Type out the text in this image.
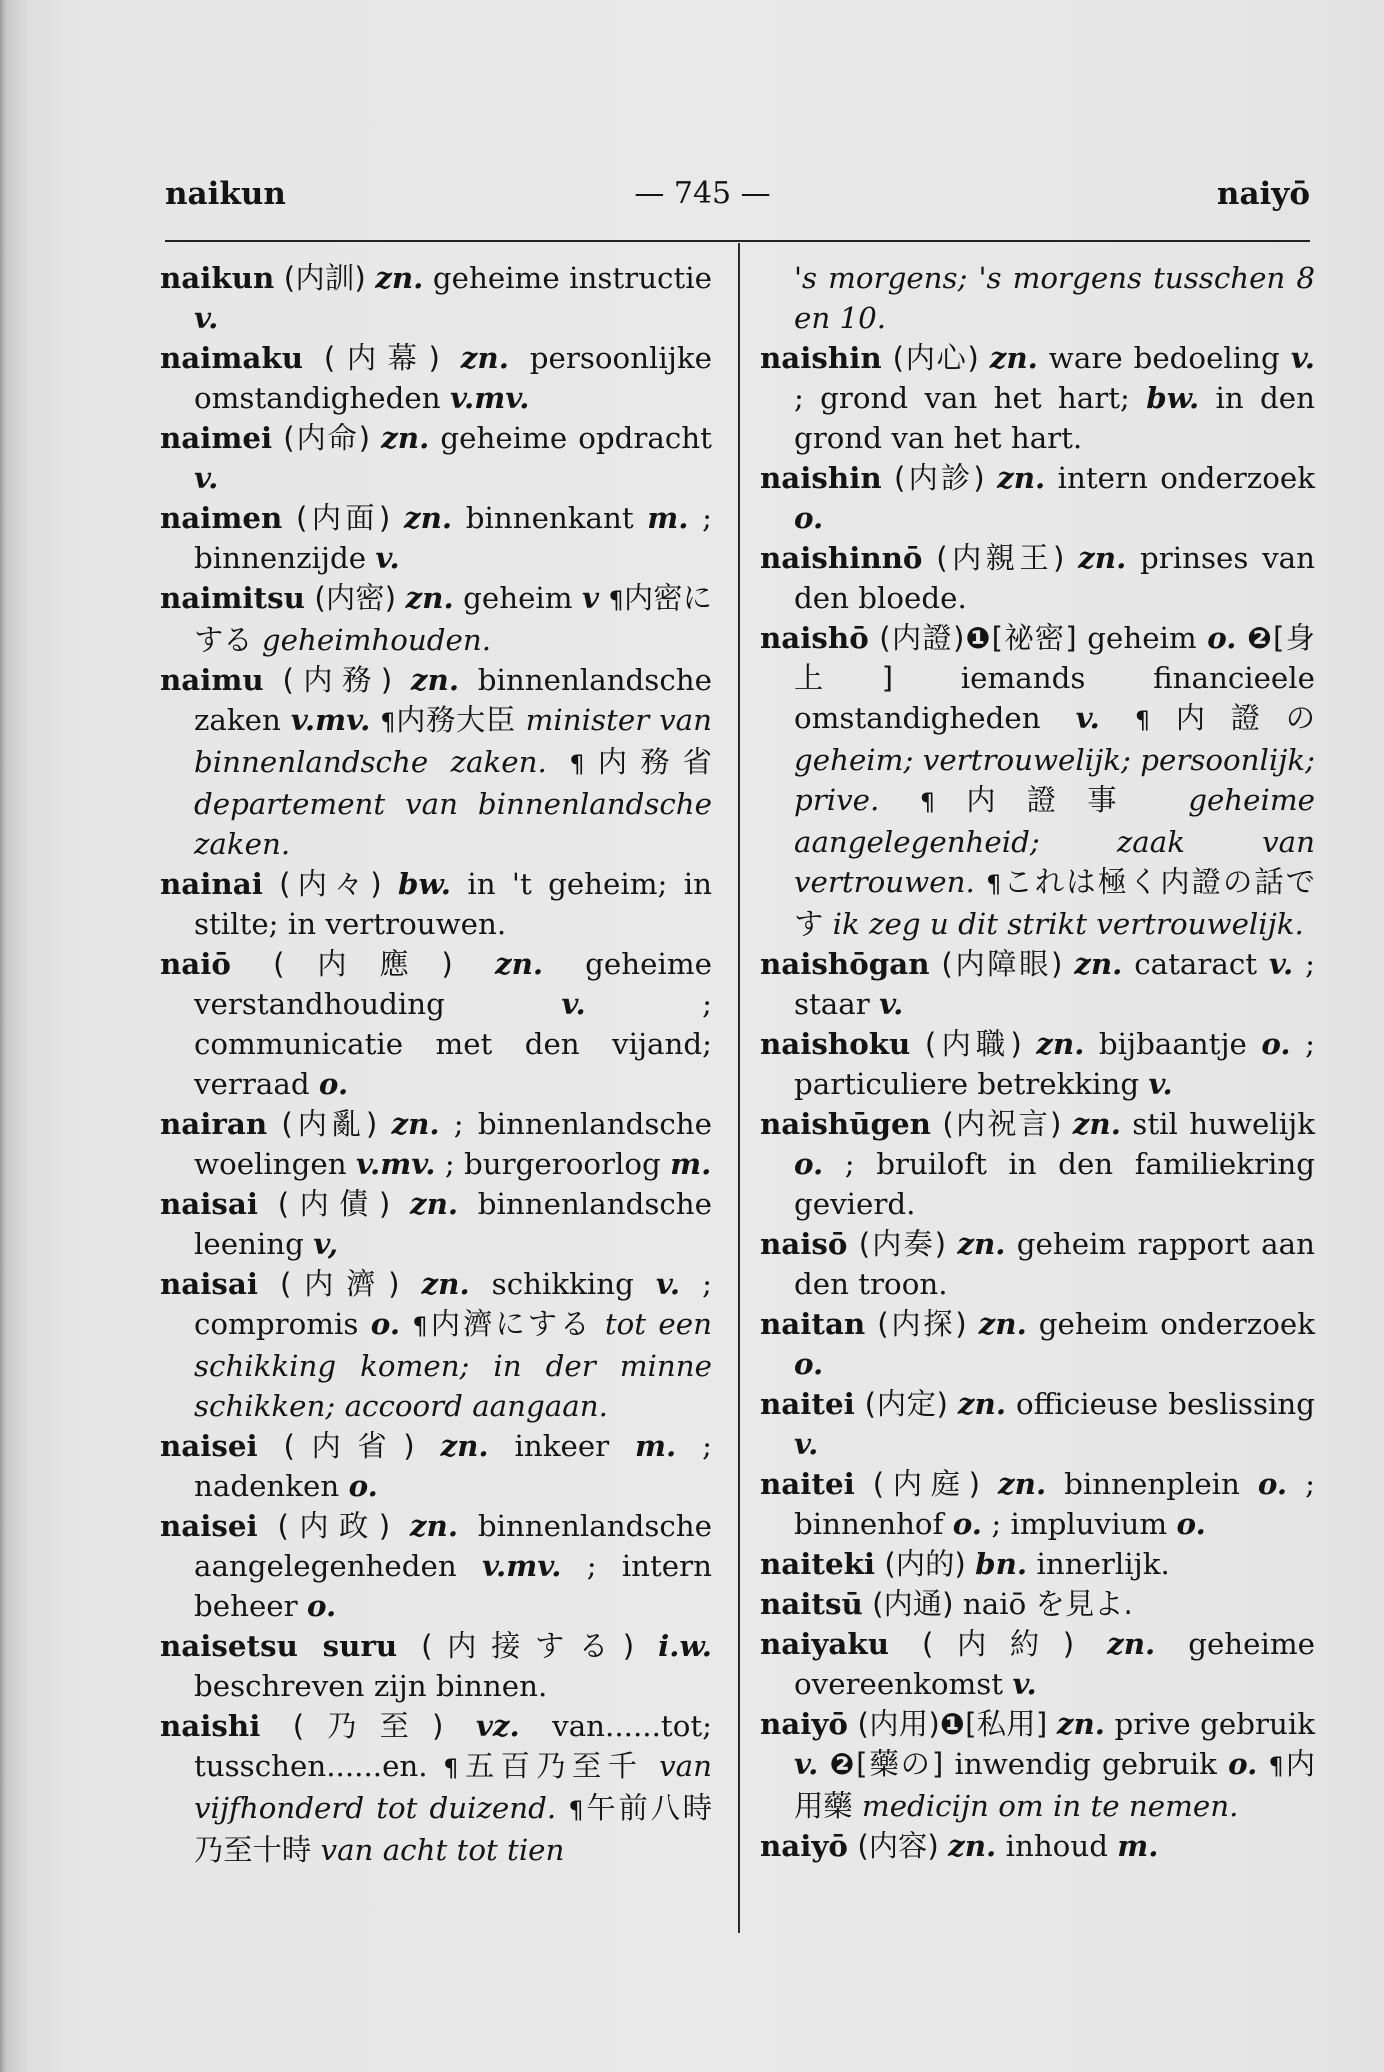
naikun	— 745 —	naiyō

naikun (内訓) zn. geheime instructie v.

naimaku (内幕) zn. persoonlijke omstandigheden v.mv.

naimei (内命) zn. geheime opdracht v.

naimen (内面) zn. binnenkant m. ; binnenzijde v.

naimitsu (内密) zn. geheim v ¶内密にする geheimhouden.

naimu (内務) zn. binnenlandsche zaken v.mv. ¶内務大臣 minister van binnenlandsche zaken. ¶内務省 departement van binnenlandsche zaken.

nainai (内々) bw. in 't geheim; in stilte; in vertrouwen.

naiō (内應) zn. geheime verstandhouding	v.	; communicatie met den vijand; verraad o.

nairan (内亂) zn. ; binnenlandsche woelingen v.mv. ; burgeroorlog m.

naisai (内債) zn. binnenlandsche leening v,

naisai (内濟) zn. schikking v. ; compromis o. ¶内濟にする tot een schikking komen; in der minne schikken; accoord aangaan.

naisei (内省) zn. inkeer m. ; nadenken o.

naisei (内政) zn. binnenlandsche aangelegenheden v.mv. ; intern beheer o.

naisetsu suru (内接する) i.w. beschreven zijn binnen.

naishi (乃至) vz. van......tot; tusschen......en. ¶五百乃至千 van vijfhonderd tot duizend. ¶午前八時乃至十時 van acht tot tien

's morgens; 's morgens tusschen 8 en 10.

naishin (内心) zn. ware bedoeling v. ; grond van het hart; bw. in den grond van het hart.

naishin (内診) zn. intern onderzoek o.

naishinnō (内親王) zn. prinses van den bloede.

naishō (内證)❶[祕密] geheim o. ❷[身上] iemands financieele omstandigheden v. ¶内證の geheim; vertrouwelijk; persoonlijk; prive. ¶内證事 geheime aangelegenheid; zaak van vertrouwen. ¶これは極く内證の話です ik zeg u dit strikt vertrouwelijk.

naishōgan (内障眼) zn. cataract v. ; staar v.

naishoku (内職) zn. bijbaantje o. ; particuliere betrekking v.

naishūgen (内祝言) zn. stil huwelijk o. ; bruiloft in den familiekring gevierd.

naisō (内奏) zn. geheim rapport aan den troon.

naitan (内探) zn. geheim onderzoek o.

naitei (内定) zn. officieuse beslissing v.

naitei (内庭) zn. binnenplein o. ; binnenhof o. ; impluvium o.

naiteki (内的) bn. innerlijk.

naitsū (内通) naiō を見よ.

naiyaku (内約) zn. geheime overeenkomst v.

naiyō (内用)❶[私用] zn. prive gebruik v. ❷[藥の] inwendig gebruik o. ¶内用藥 medicijn om in te nemen.

naiyō (内容) zn. inhoud m.
